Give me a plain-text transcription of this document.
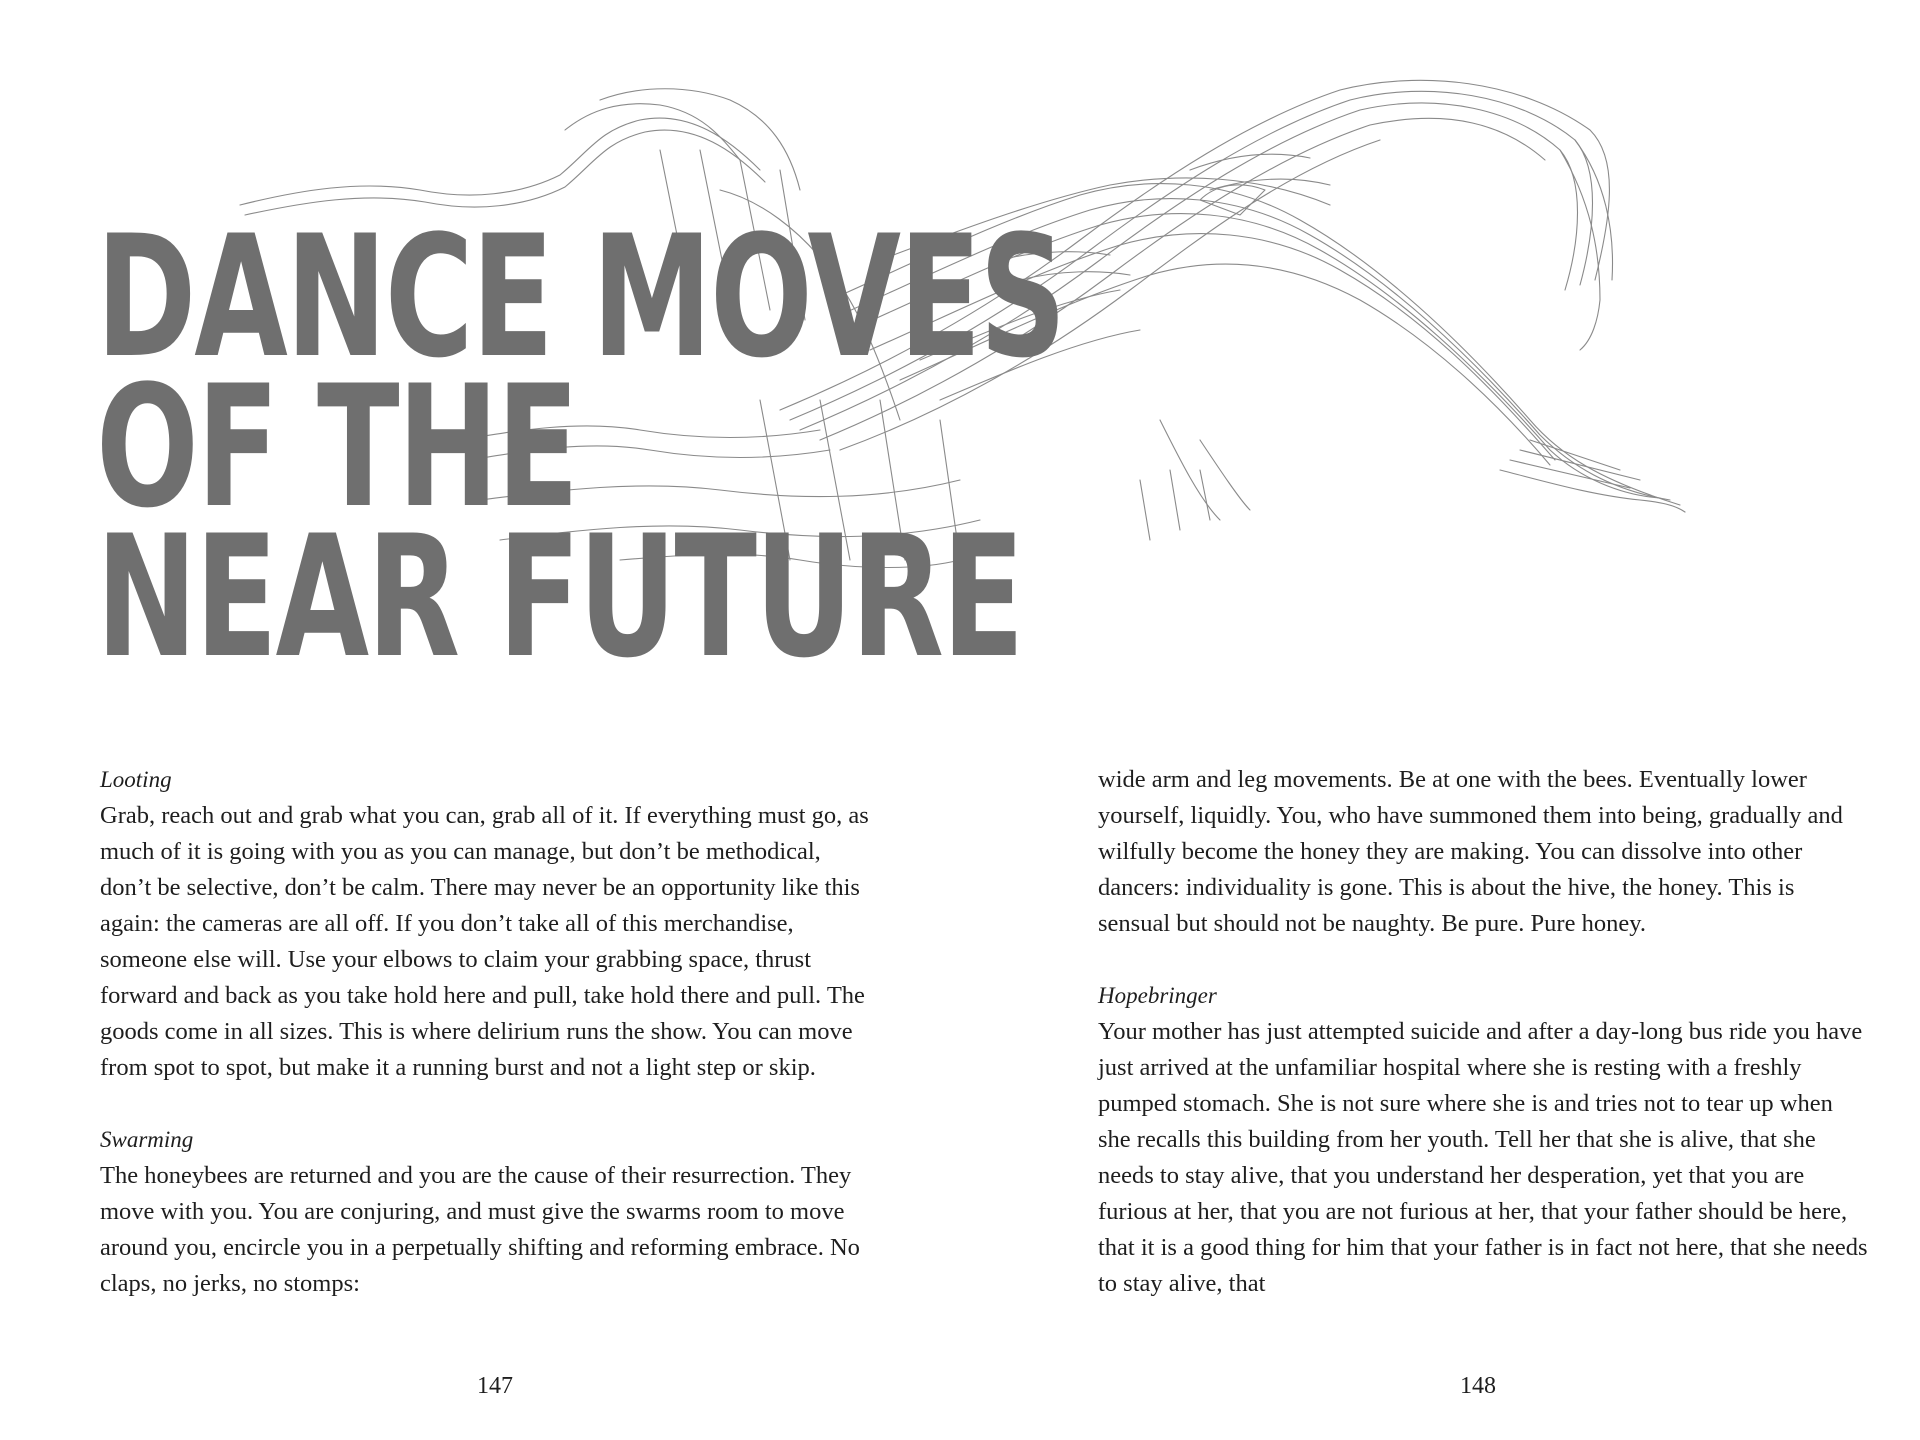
DANCE MOVES
OF THE
NEAR FUTURE
Looting

Grab, reach out and grab what you can, grab all of it. If everything must go, as much of it is going with you as you can manage, but don’t be methodical, don’t be selective, don’t be calm. There may never be an opportunity like this again: the cameras are all off. If you don’t take all of this merchandise, someone else will. Use your elbows to claim your grabbing space, thrust forward and back as you take hold here and pull, take hold there and pull. The goods come in all sizes. This is where delirium runs the show. You can move from spot to spot, but make it a running burst and not a light step or skip.

Swarming

The honeybees are returned and you are the cause of their resurrection. They move with you. You are conjuring, and must give the swarms room to move around you, encircle you in a perpetually shifting and reforming embrace. No claps, no jerks, no stomps:

wide arm and leg movements. Be at one with the bees. Eventually lower yourself, liquidly. You, who have summoned them into being, gradually and wilfully become the honey they are making. You can dissolve into other dancers: individuality is gone. This is about the hive, the honey. This is sensual but should not be naughty. Be pure. Pure honey.

Hopebringer

Your mother has just attempted suicide and after a day-long bus ride you have just arrived at the unfamiliar hospital where she is resting with a freshly pumped stomach. She is not sure where she is and tries not to tear up when she recalls this building from her youth. Tell her that she is alive, that she needs to stay alive, that you understand her desperation, yet that you are furious at her, that you are not furious at her, that your father should be here, that it is a good thing for him that your father is in fact not here, that she needs to stay alive, that

147	148
